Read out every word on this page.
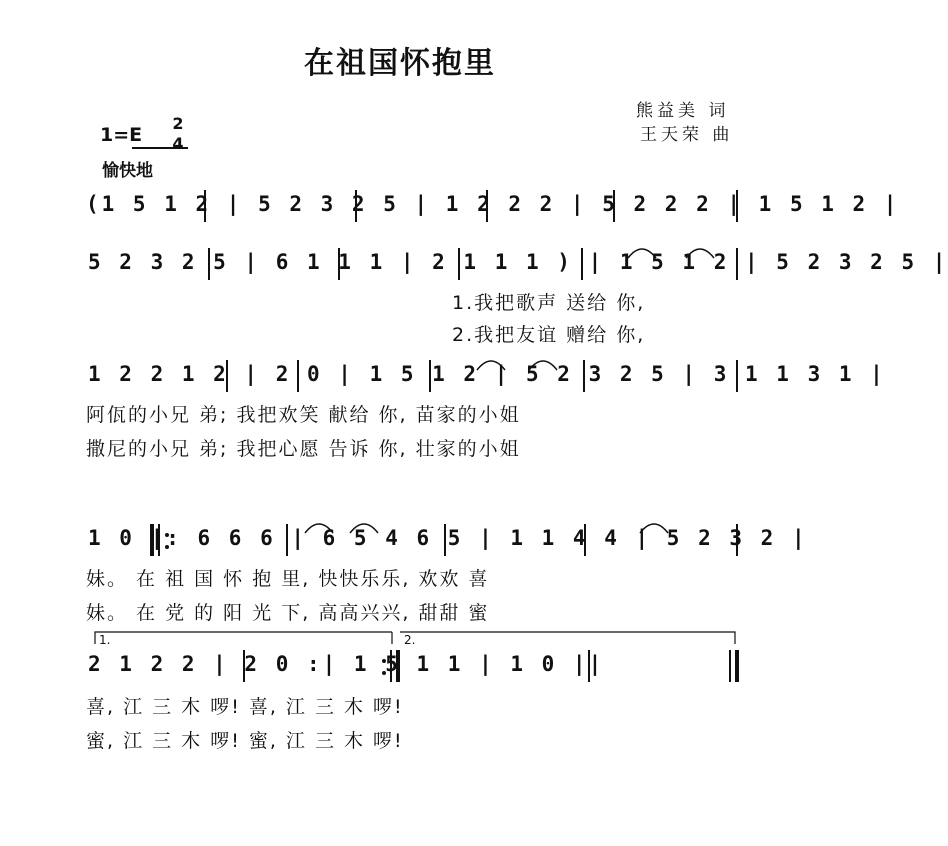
在祖国怀抱里
熊益美 词
王天荣 曲
1=E
2
4
愉快地
(1 5 1 2 | 5 2 3 2 5 | 1 2 2 2 | 5 2 2 2 | 1 5 1 2 |
5 2 3 2 5 | 6 1 1 1 | 2 1 1 1 ) | 1 5 1 2 | 5 2 3 2 5 |
1.我把歌声 送给 你,
2.我把友谊 赠给 你,
1 2 2 1 2 | 2 0 | 1 5 1 2 | 5 2 3 2 5 | 3 1 1 3 1 |
阿佤的小兄 弟; 我把欢笑 献给 你, 苗家的小姐
撒尼的小兄 弟; 我把心愿 告诉 你, 壮家的小姐
1 0 |: 6 6 6 | 6 5 4 6 5 | 1 1 4 4 | 5 2 3 2 |
妹。 在 祖 国 怀 抱 里, 快快乐乐, 欢欢 喜
妹。 在 党 的 阳 光 下, 高高兴兴, 甜甜 蜜
1.	2.
2 1 2 2 | 2 0 :| 1 5 1 1 | 1 0 ||
喜, 江 三 木 啰! 喜, 江 三 木 啰!
蜜, 江 三 木 啰! 蜜, 江 三 木 啰!
